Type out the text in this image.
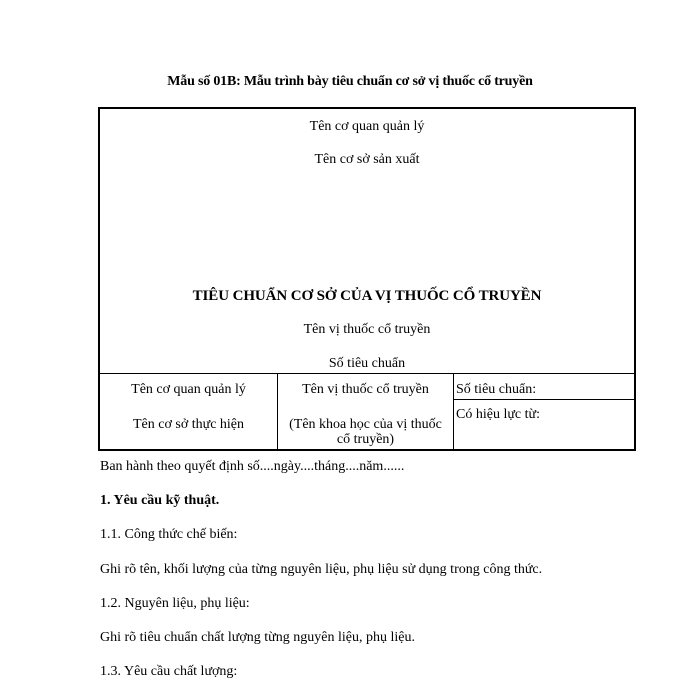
Mẫu số 01B: Mẫu trình bày tiêu chuẩn cơ sở vị thuốc cổ truyền
Tên cơ quan quản lý
Tên cơ sở sản xuất
TIÊU CHUẨN CƠ SỞ CỦA VỊ THUỐC CỔ TRUYỀN
Tên vị thuốc cổ truyền
Số tiêu chuẩn
Tên cơ quan quản lý
Tên cơ sở thực hiện
Tên vị thuốc cổ truyền
(Tên khoa học của vị thuốc
cổ truyền)
Số tiêu chuẩn:
Có hiệu lực từ:
Ban hành theo quyết định số....ngày....tháng....năm......
1. Yêu cầu kỹ thuật.
1.1. Công thức chế biến:
Ghi rõ tên, khối lượng của từng nguyên liệu, phụ liệu sử dụng trong công thức.
1.2. Nguyên liệu, phụ liệu:
Ghi rõ tiêu chuẩn chất lượng từng nguyên liệu, phụ liệu.
1.3. Yêu cầu chất lượng:
